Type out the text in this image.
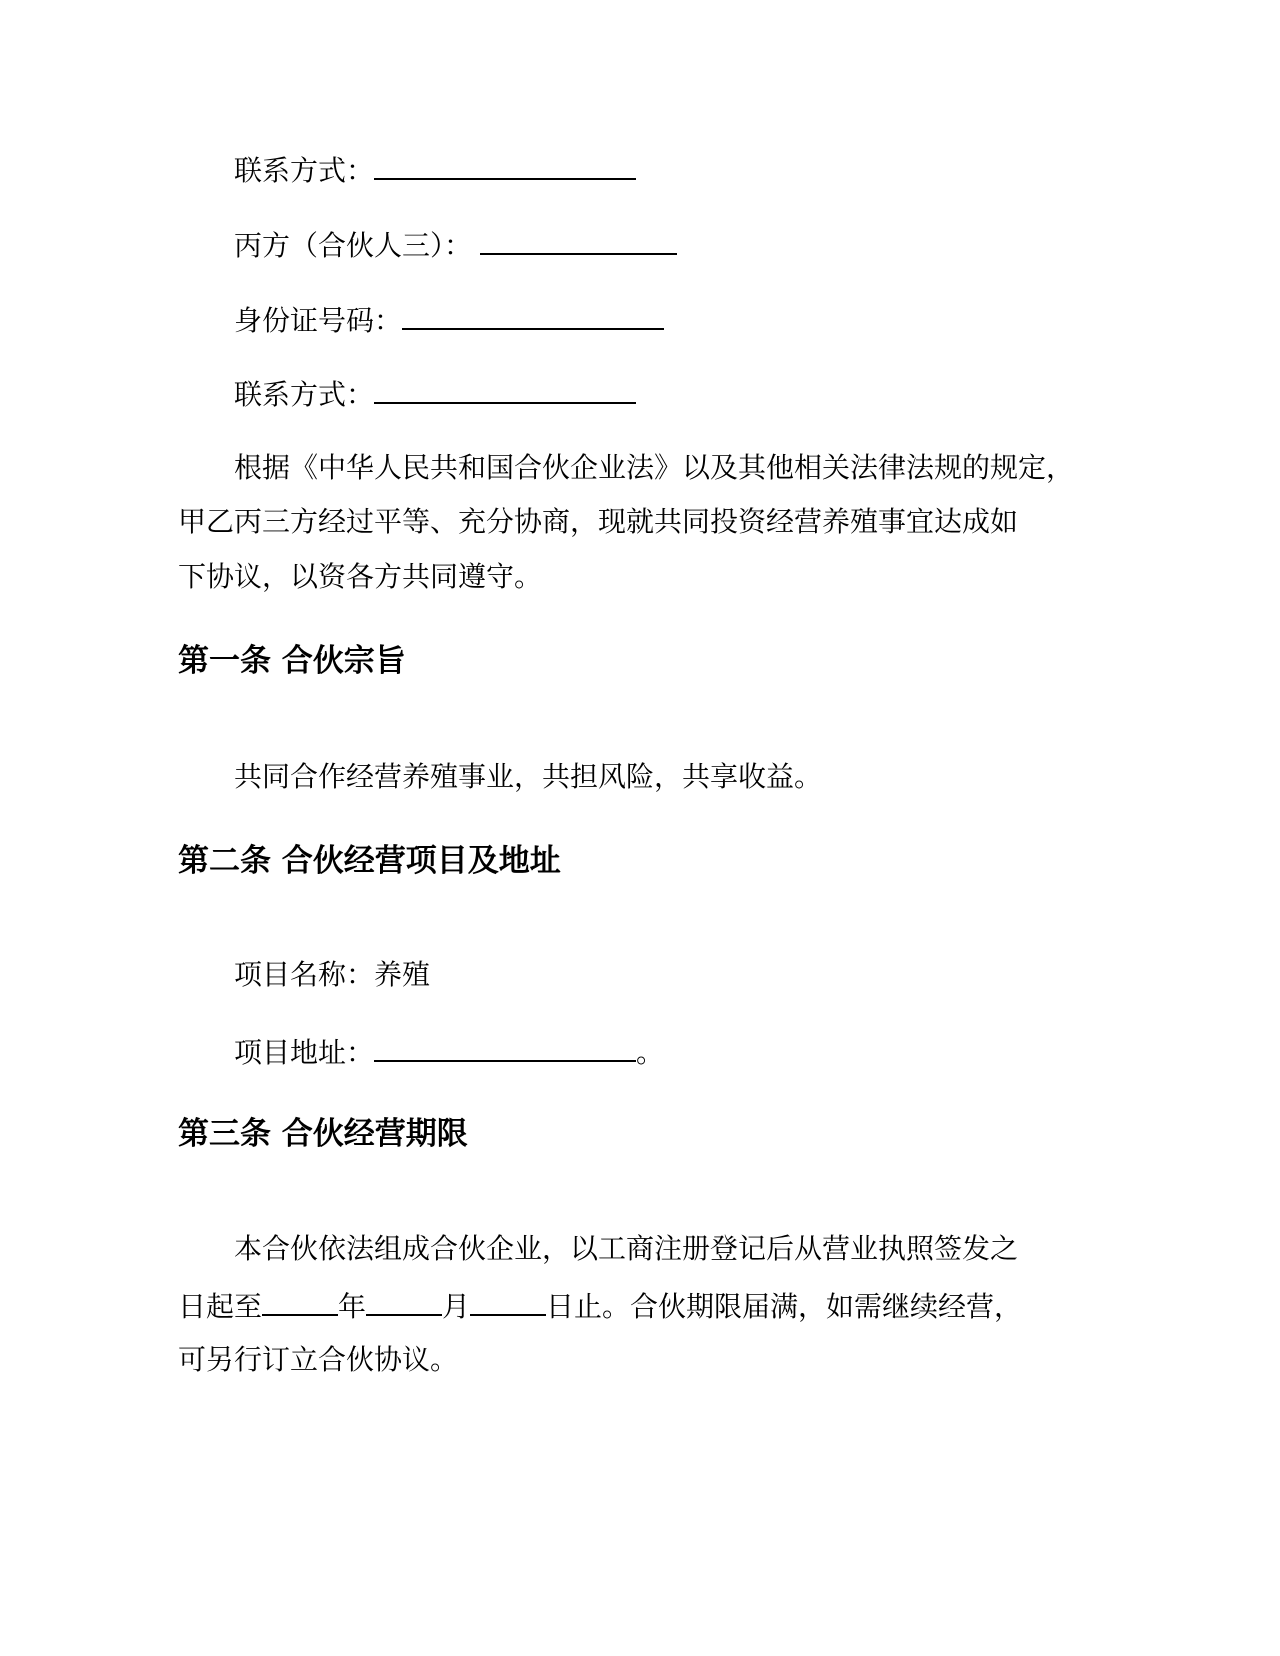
联系方式：
丙方（合伙人三）：
身份证号码：
联系方式：
根据《中华人民共和国合伙企业法》以及其他相关法律法规的规定，
甲乙丙三方经过平等、充分协商，现就共同投资经营养殖事宜达成如
下协议，以资各方共同遵守。
第一条 合伙宗旨
共同合作经营养殖事业，共担风险，共享收益。
第二条 合伙经营项目及地址
项目名称：养殖
项目地址：	。
第三条 合伙经营期限
本合伙依法组成合伙企业，以工商注册登记后从营业执照签发之
日起至	年	月	日止。合伙期限届满，如需继续经营，
可另行订立合伙协议。
